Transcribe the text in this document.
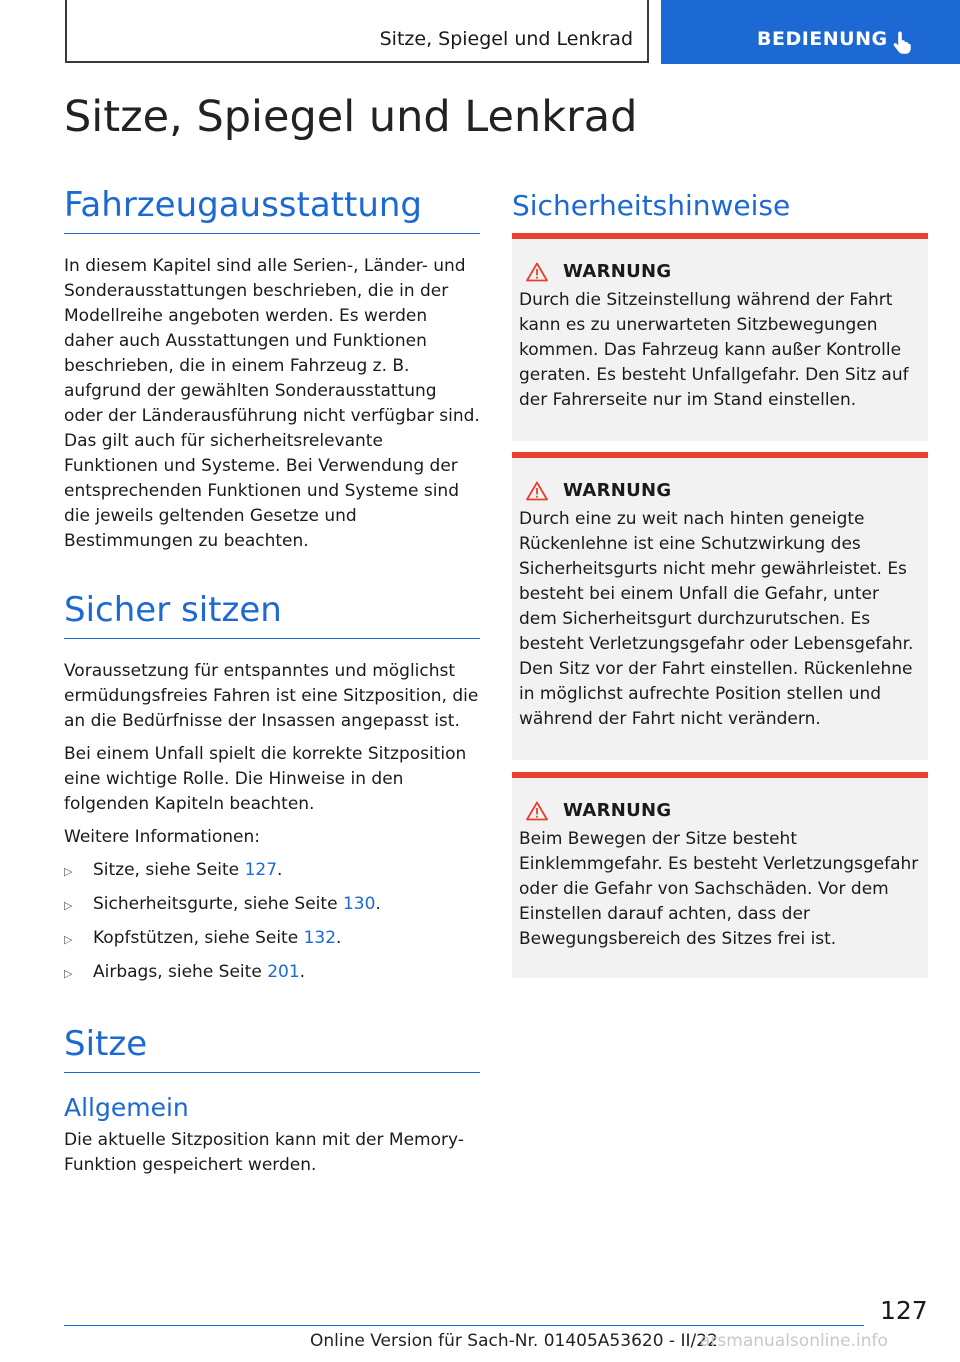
Sitze, Spiegel und Lenkrad	BEDIENUNG
Sitze, Spiegel und Lenkrad
Fahrzeugausstattung

In diesem Kapitel sind alle Serien-, Länder- und Sonderausstattungen beschrieben, die in der Modellreihe angeboten werden. Es werden daher auch Ausstattungen und Funktionen beschrieben, die in einem Fahrzeug z. B. aufgrund der gewählten Sonderausstattung oder der Länderausführung nicht verfügbar sind. Das gilt auch für sicherheitsrelevante Funktionen und Systeme. Bei Verwendung der entsprechenden Funktionen und Systeme sind die jeweils geltenden Gesetze und Bestimmungen zu beachten.

Sicher sitzen

Voraussetzung für entspanntes und möglichst ermüdungsfreies Fahren ist eine Sitzposition, die an die Bedürfnisse der Insassen angepasst ist.

Bei einem Unfall spielt die korrekte Sitzposition eine wichtige Rolle. Die Hinweise in den folgenden Kapiteln beachten.

Weitere Informationen:

▷	Sitze, siehe Seite 127.
▷	Sicherheitsgurte, siehe Seite 130.
▷	Kopfstützen, siehe Seite 132.
▷	Airbags, siehe Seite 201.
Sitze
Allgemein

Die aktuelle Sitzposition kann mit der Memory-Funktion gespeichert werden.

Sicherheitshinweise
WARNUNG

Durch die Sitzeinstellung während der Fahrt kann es zu unerwarteten Sitzbewegungen kommen. Das Fahrzeug kann außer Kontrolle geraten. Es besteht Unfallgefahr. Den Sitz auf der Fahrerseite nur im Stand einstellen.

WARNUNG

Durch eine zu weit nach hinten geneigte Rückenlehne ist eine Schutzwirkung des Sicherheitsgurts nicht mehr gewährleistet. Es besteht bei einem Unfall die Gefahr, unter dem Sicherheitsgurt durchzurutschen. Es besteht Verletzungsgefahr oder Lebensgefahr. Den Sitz vor der Fahrt einstellen. Rückenlehne in möglichst aufrechte Position stellen und während der Fahrt nicht verändern.

WARNUNG

Beim Bewegen der Sitze besteht Einklemmgefahr. Es besteht Verletzungsgefahr oder die Gefahr von Sachschäden. Vor dem Einstellen darauf achten, dass der Bewegungsbereich des Sitzes frei ist.

127
Online Version für Sach-Nr. 01405A53620 - II/22
arsmanualsonline.info
